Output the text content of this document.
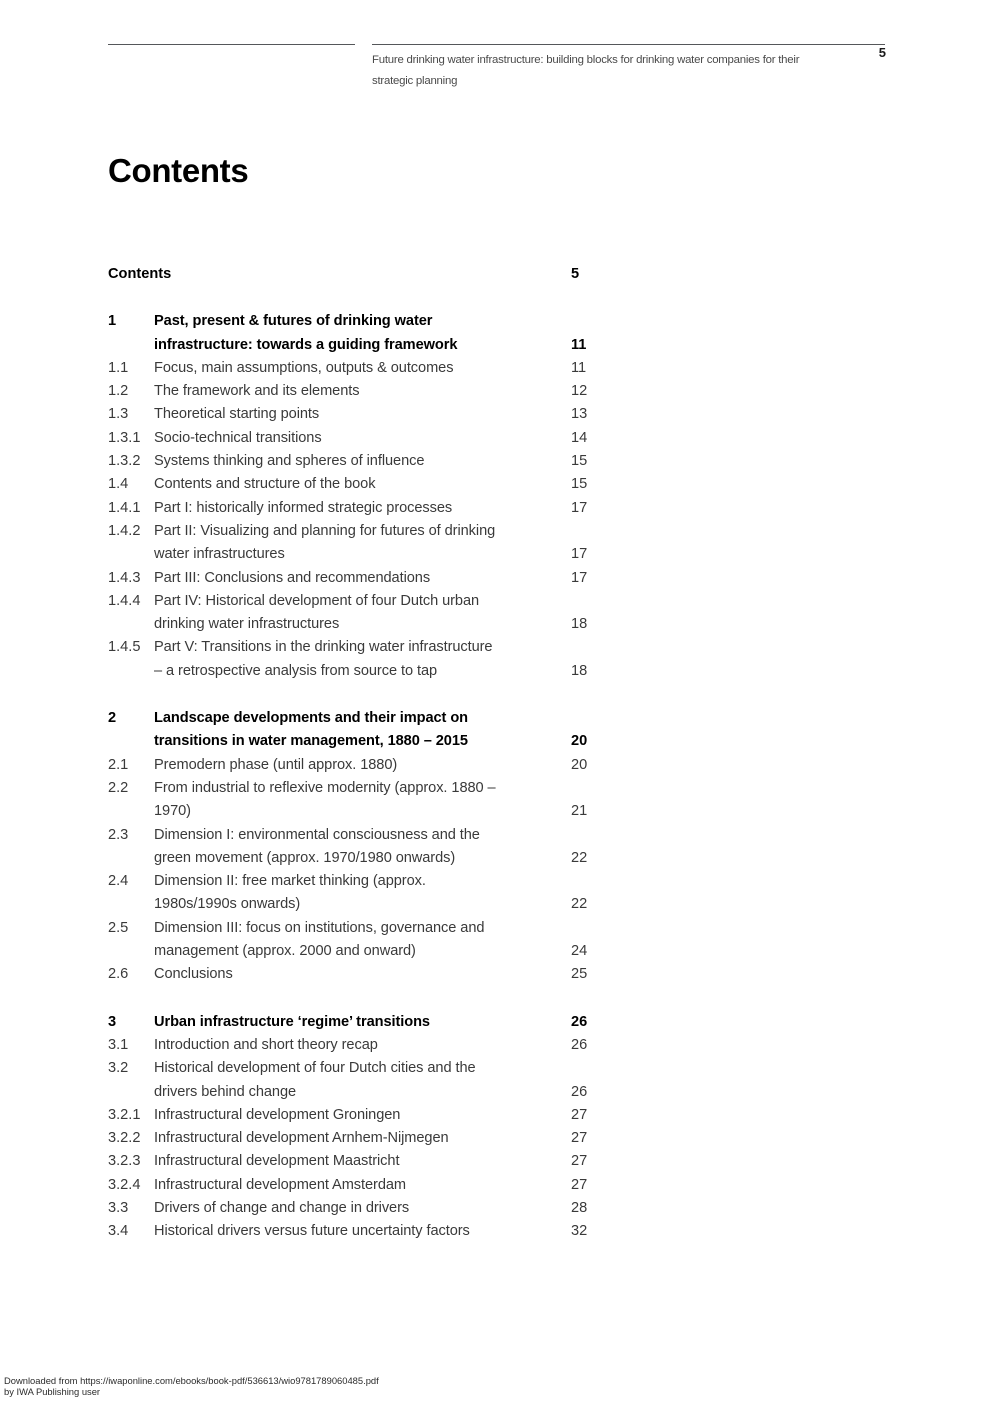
Future drinking water infrastructure: building blocks for drinking water companies for their strategic planning
5
Contents
Contents	5
1	Past, present & futures of drinking water
infrastructure: towards a guiding framework	11
1.1	Focus, main assumptions, outputs & outcomes	11
1.2	The framework and its elements	12
1.3	Theoretical starting points	13
1.3.1 Socio-technical transitions	14
1.3.2 Systems thinking and spheres of influence	15
1.4	Contents and structure of the book	15
1.4.1 Part I: historically informed strategic processes	17
1.4.2 Part II: Visualizing and planning for futures of drinking
water infrastructures	17
1.4.3 Part III: Conclusions and recommendations	17
1.4.4 Part IV: Historical development of four Dutch urban
drinking water infrastructures	18
1.4.5 Part V: Transitions in the drinking water infrastructure
– a retrospective analysis from source to tap	18
2	Landscape developments and their impact on
transitions in water management, 1880 – 2015	20
2.1	Premodern phase (until approx. 1880)	20
2.2	From industrial to reflexive modernity (approx. 1880 –
1970)	21
2.3	Dimension I: environmental consciousness and the
green movement (approx. 1970/1980 onwards)	22
2.4	Dimension II: free market thinking (approx.
1980s/1990s onwards)	22
2.5	Dimension III: focus on institutions, governance and
management (approx. 2000 and onward)	24
2.6	Conclusions	25
3	Urban infrastructure ‘regime’ transitions	26
3.1	Introduction and short theory recap	26
3.2	Historical development of four Dutch cities and the
drivers behind change	26
3.2.1 Infrastructural development Groningen	27
3.2.2 Infrastructural development Arnhem-Nijmegen	27
3.2.3 Infrastructural development Maastricht	27
3.2.4 Infrastructural development Amsterdam	27
3.3	Drivers of change and change in drivers	28
3.4	Historical drivers versus future uncertainty factors	32
Downloaded from https://iwaponline.com/ebooks/book-pdf/536613/wio9781789060485.pdf
by IWA Publishing user
